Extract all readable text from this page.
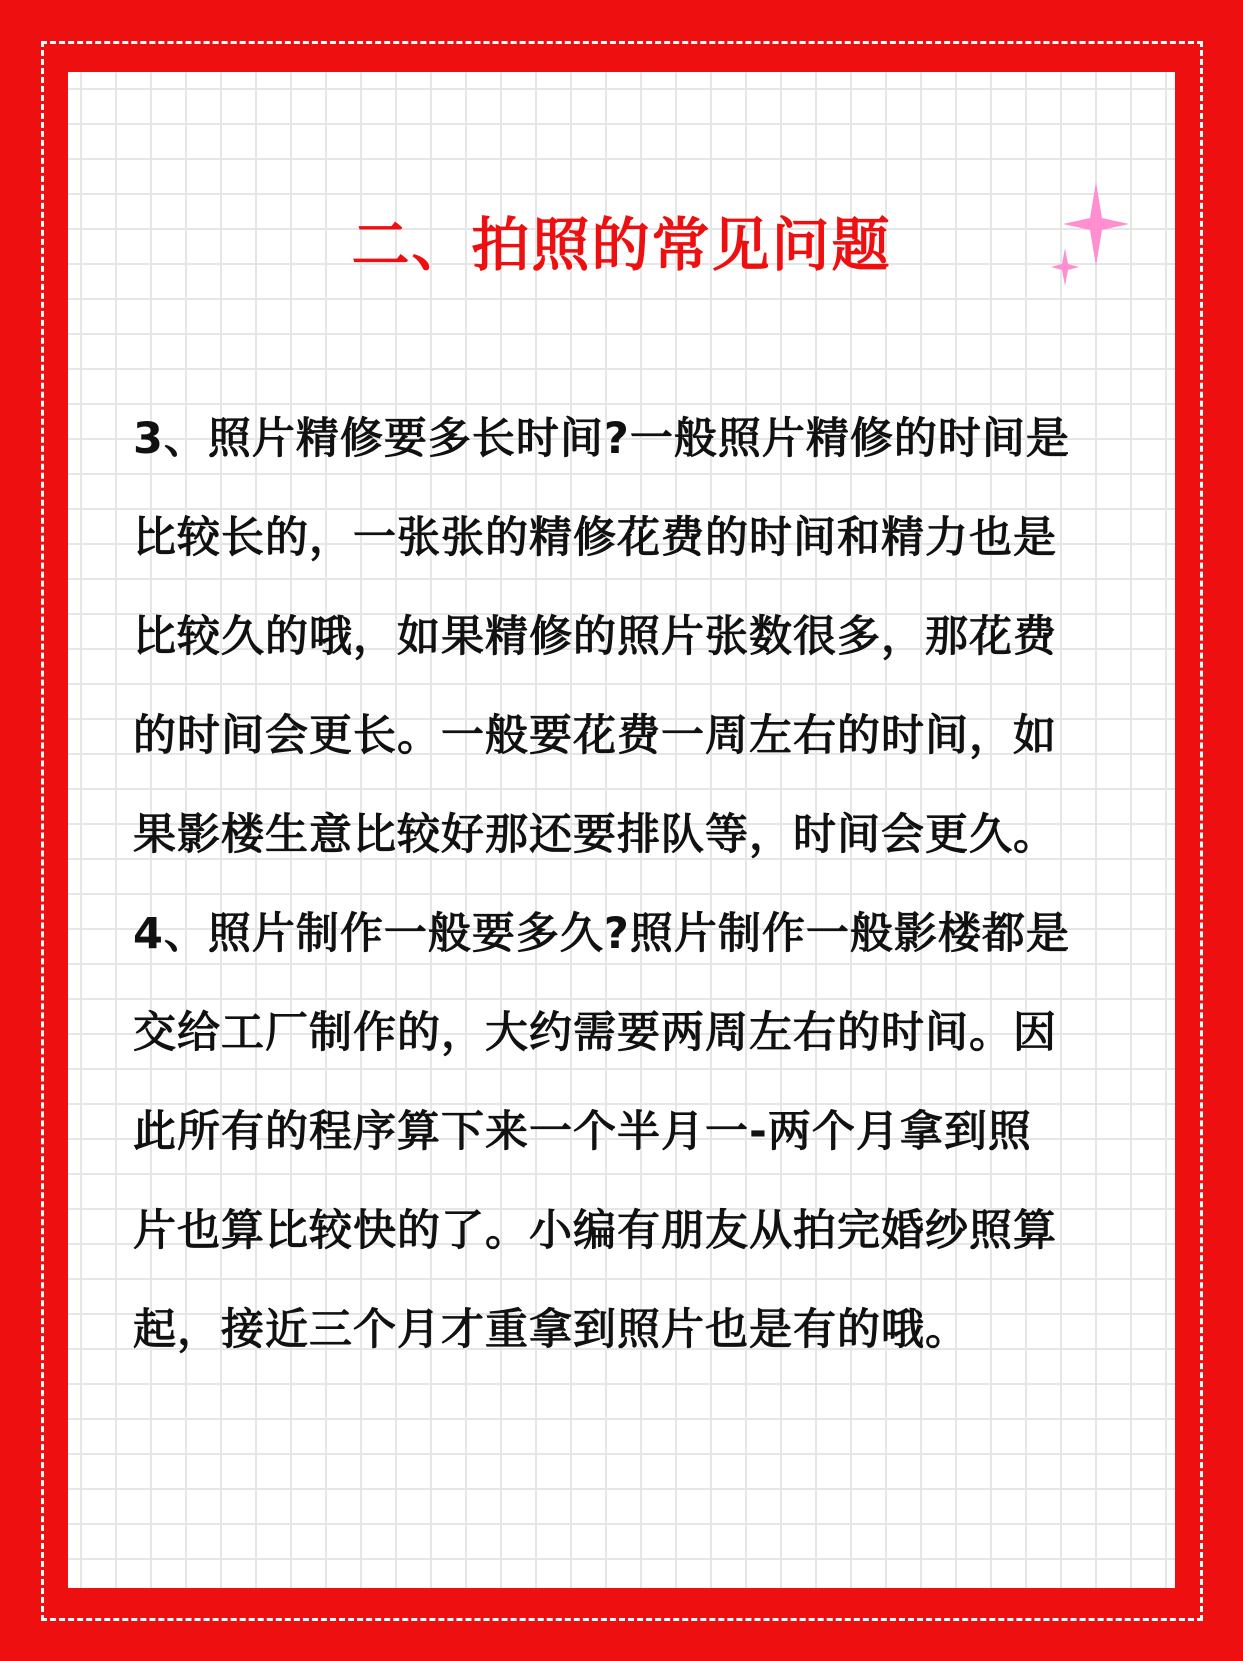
二、拍照的常见问题

3、照片精修要多长时间?一般照片精修的时间是

比较长的，一张张的精修花费的时间和精力也是

比较久的哦，如果精修的照片张数很多，那花费

的时间会更长。一般要花费一周左右的时间，如

果影楼生意比较好那还要排队等，时间会更久。

4、照片制作一般要多久?照片制作一般影楼都是

交给工厂制作的，大约需要两周左右的时间。因

此所有的程序算下来一个半月一-两个月拿到照

片也算比较快的了。小编有朋友从拍完婚纱照算

起，接近三个月才重拿到照片也是有的哦。
